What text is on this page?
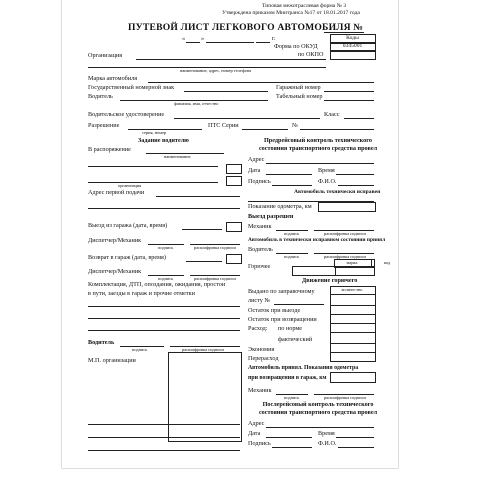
Типовая межотраслевая форма № 3
Утверждена приказом Минтранса №17 от 18.01.2017 года
ПУТЕВОЙ ЛИСТ ЛЕГКОВОГО АВТОМОБИЛЯ №
«	»	г.	Коды
0345001
Форма по ОКУД
по ОКПО
Организация
наименование, адрес, номер телефона
Марка автомобиля
Государственный номерной знак	Гаражный номер
Водитель
фамилия, имя, отчество
Табельный номер
Водительское удостоверение	Класс
Разрешение	ПТС Серии	№
серия, номер
Задание водителю
В распоряжение
наименование
организация
Адрес первой подачи
Выезд из гаража (дата, время)
Диспетчер/Механик
подпись	расшифровка подписи
Возврат в гараж (дата, время)
Диспетчер/Механик
подпись	расшифровка подписи
Комплектация, ДТП, опоздания, ожидания, простои
в пути, заезды в гараж и прочие отметки
Водитель
подпись	расшифровка подписи
М.П. организации
Предрейсовый контроль технического
состояния транспортного средства провел
Адрес
Дата	Время
Подпись	Ф.И.О.
Автомобиль технически исправен
Показание одометра, км
Выезд разрешен
Механик
подпись	расшифровка подписи
Автомобиль в технически исправном состоянии принял
Водитель
подпись	расшифровка подписи
Горючее
марка	код
Движение горючего
количество
Выдано по заправочному
листу №
Остаток при выезде
Остаток при возвращении
Расход: по норме
фактический
Экономия
Перерасход
Автомобиль принял. Показания одометра
при возвращении в гараж, км
Механик
подпись	расшифровка подписи
Послерейсовый контроль технического
состояния транспортного средства провел
Адрес
Дата	Время
Подпись	Ф.И.О.
